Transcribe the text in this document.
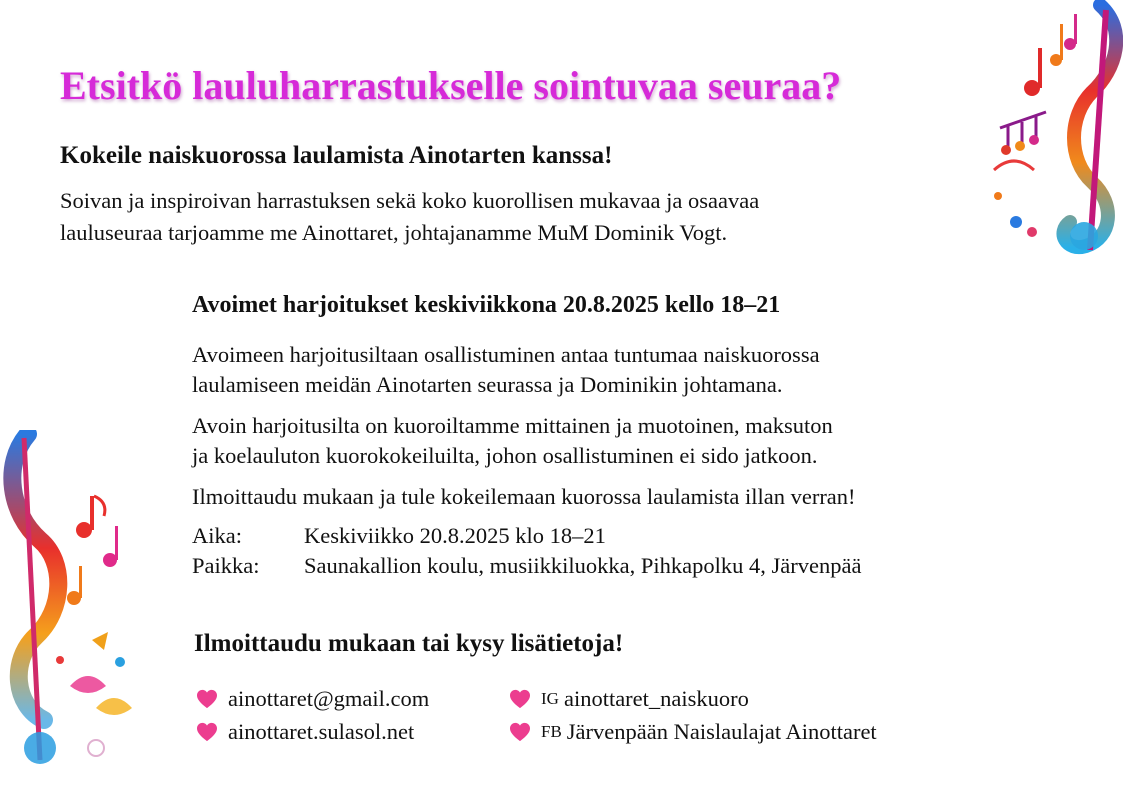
Etsitkö lauluharrastukselle sointuvaa seuraa?
Kokeile naiskuorossa laulamista Ainotarten kanssa!

Soivan ja inspiroivan harrastuksen sekä koko kuorollisen mukavaa ja osaavaa
lauluseuraa tarjoamme me Ainottaret, johtajanamme MuM Dominik Vogt.

Avoimet harjoitukset keskiviikkona 20.8.2025 kello 18–21

Avoimeen harjoitusiltaan osallistuminen antaa tuntumaa naiskuorossa
laulamiseen meidän Ainotarten seurassa ja Dominikin johtamana.

Avoin harjoitusilta on kuoroiltamme mittainen ja muotoinen, maksuton
ja koelauluton kuorokokeiluilta, johon osallistuminen ei sido jatkoon.

Ilmoittaudu mukaan ja tule kokeilemaan kuorossa laulamista illan verran!

Aika:	Keskiviikko 20.8.2025 klo 18–21
Paikka:	Saunakallion koulu, musiikkiluokka, Pihkapolku 4, Järvenpää
Ilmoittaudu mukaan tai kysy lisätietoja!
ainottaret@gmail.com	IG ainottaret_naiskuoro
ainottaret.sulasol.net	FB Järvenpään Naislaulajat Ainottaret
